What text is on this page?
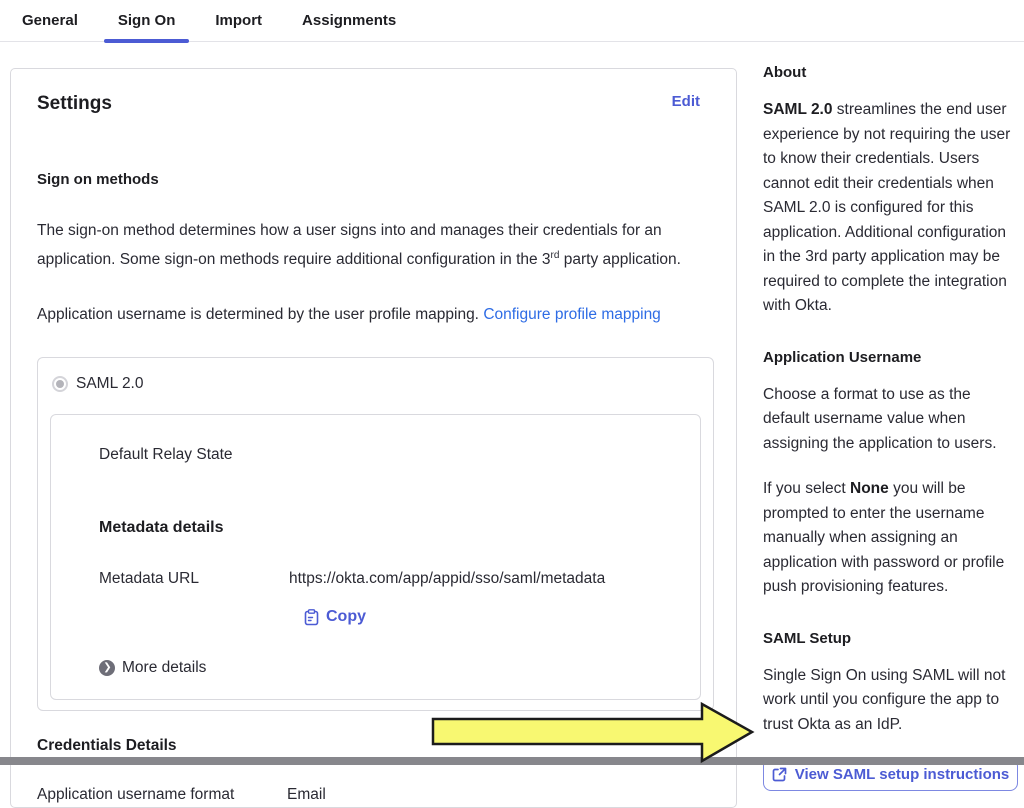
General	Sign On	Import	Assignments
Settings	Edit
Sign on methods

The sign-on method determines how a user signs into and manages their credentials for an application. Some sign-on methods require additional configuration in the 3rd party application.

Application username is determined by the user profile mapping. Configure profile mapping

SAML 2.0
Default Relay State
Metadata details
Metadata URL	https://okta.com/app/appid/sso/saml/metadata
Copy
❯ More details
Credentials Details
Application username format	Email
About

SAML 2.0 streamlines the end user experience by not requiring the user to know their credentials. Users cannot edit their credentials when SAML 2.0 is configured for this application. Additional configuration in the 3rd party application may be required to complete the integration with Okta.

Application Username

Choose a format to use as the default username value when assigning the application to users.

If you select None you will be prompted to enter the username manually when assigning an application with password or profile push provisioning features.

SAML Setup

Single Sign On using SAML will not work until you configure the app to trust Okta as an IdP.

View SAML setup instructions
